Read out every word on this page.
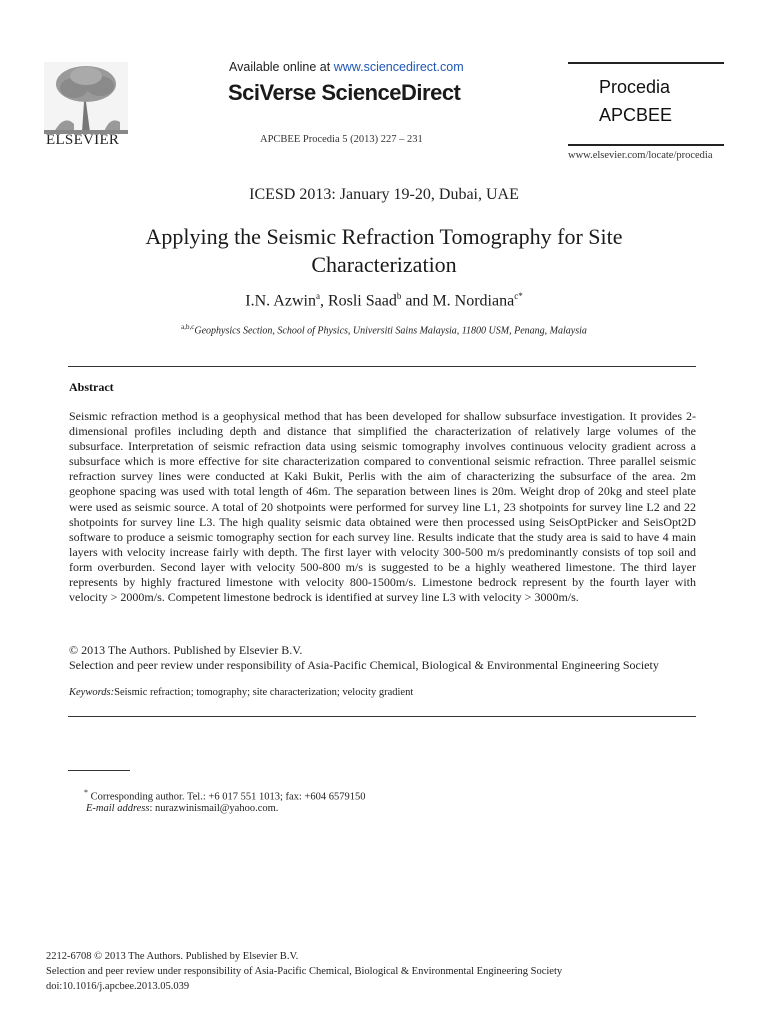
ELSEVIER
Available online at www.sciencedirect.com
SciVerse ScienceDirect
APCBEE Procedia 5 (2013) 227 – 231
Procedia
APCBEE
www.elsevier.com/locate/procedia
ICESD 2013: January 19-20, Dubai, UAE
Applying the Seismic Refraction Tomography for Site
Characterization
I.N. Azwin$^a$, Rosli Saad$^b$ and M. Nordiana$^{c*}$
$^{a,b,c}$Geophysics Section, School of Physics, Universiti Sains Malaysia, 11800 USM, Penang, Malaysia
Abstract
Seismic refraction method is a geophysical method that has been developed for shallow subsurface investigation. It provides 2-dimensional profiles including depth and distance that simplified the characterization of relatively large volumes of the subsurface. Interpretation of seismic refraction data using seismic tomography involves continuous velocity gradient across a subsurface which is more effective for site characterization compared to conventional seismic refraction. Three parallel seismic refraction survey lines were conducted at Kaki Bukit, Perlis with the aim of characterizing the subsurface of the area. 2m geophone spacing was used with total length of 46m. The separation between lines is 20m. Weight drop of 20kg and steel plate were used as seismic source. A total of 20 shotpoints were performed for survey line L1, 23 shotpoints for survey line L2 and 22 shotpoints for survey line L3. The high quality seismic data obtained were then processed using SeisOptPicker and SeisOpt2D software to produce a seismic tomography section for each survey line. Results indicate that the study area is said to have 4 main layers with velocity increase fairly with depth. The first layer with velocity 300-500 m/s predominantly consists of top soil and form overburden. Second layer with velocity 500-800 m/s is suggested to be a highly weathered limestone. The third layer represents by highly fractured limestone with velocity 800-1500m/s. Limestone bedrock represent by the fourth layer with velocity > 2000m/s. Competent limestone bedrock is identified at survey line L3 with velocity > 3000m/s.
© 2013 The Authors. Published by Elsevier B.V.
Selection and peer review under responsibility of Asia-Pacific Chemical, Biological & Environmental Engineering Society
Keywords:Seismic refraction; tomography; site characterization; velocity gradient
* Corresponding author. Tel.: +6 017 551 1013; fax: +604 6579150
E-mail address: nurazwinismail@yahoo.com.
2212-6708 © 2013 The Authors. Published by Elsevier B.V.
Selection and peer review under responsibility of Asia-Pacific Chemical, Biological & Environmental Engineering Society
doi:10.1016/j.apcbee.2013.05.039
